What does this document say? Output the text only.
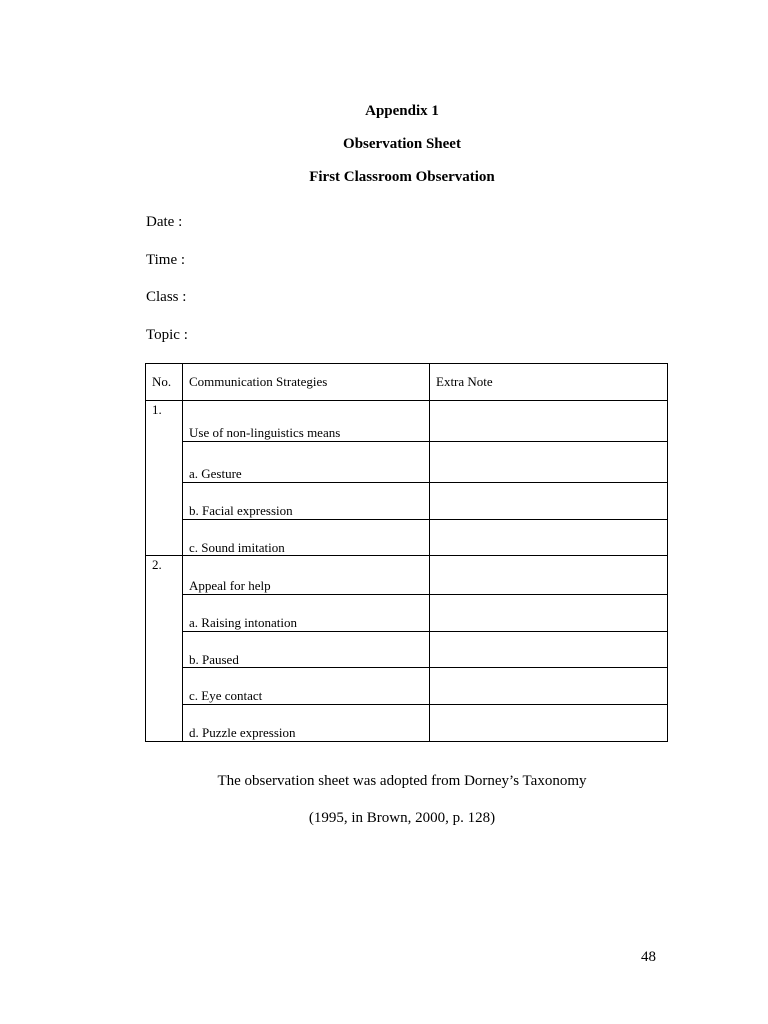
Appendix 1
Observation Sheet
First Classroom Observation
Date :
Time :
Class :
Topic :
No. Communication Strategies	Extra Note
1.
Use of non-linguistics means
a. Gesture
b. Facial expression
c. Sound imitation
2.
Appeal for help
a. Raising intonation
b. Paused
c. Eye contact
d. Puzzle expression
The observation sheet was adopted from Dorney’s Taxonomy
(1995, in Brown, 2000, p. 128)
48
